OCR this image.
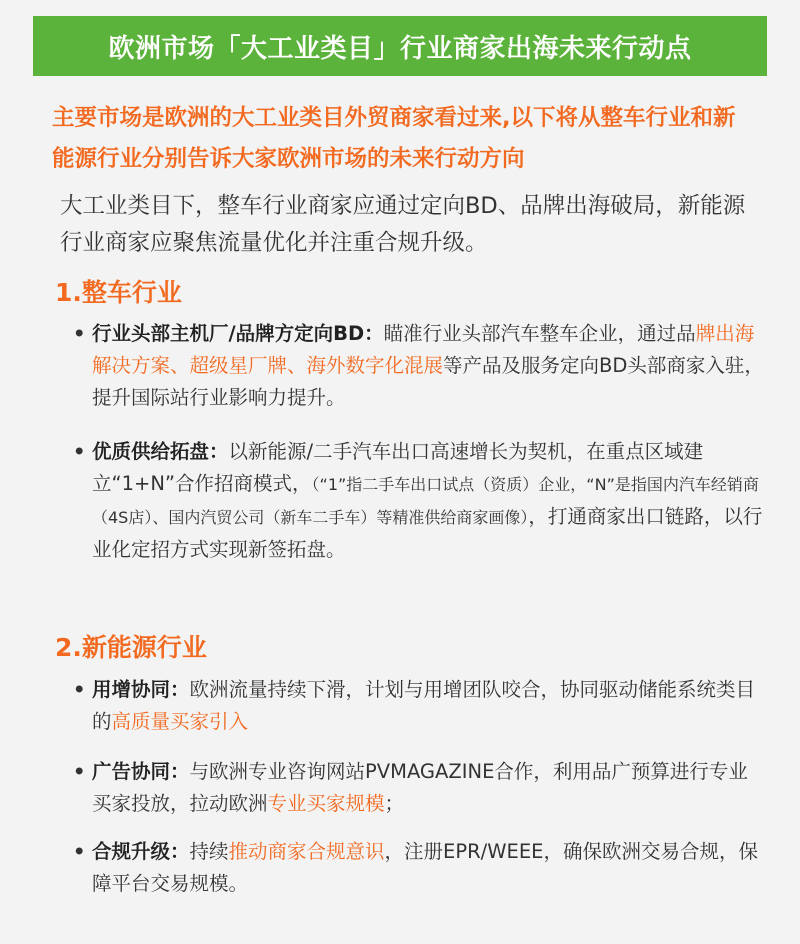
欧洲市场「大工业类目」行业商家出海未来行动点
主要市场是欧洲的大工业类目外贸商家看过来,以下将从整车行业和新能源行业分别告诉大家欧洲市场的未来行动方向
大工业类目下，整车行业商家应通过定向BD、品牌出海破局，新能源行业商家应聚焦流量优化并注重合规升级。
1.整车行业
• 行业头部主机厂/品牌方定向BD：瞄准行业头部汽车整车企业，通过品牌出海解决方案、超级星厂牌、海外数字化混展等产品及服务定向BD头部商家入驻，提升国际站行业影响力提升。
• 优质供给拓盘：以新能源/二手汽车出口高速增长为契机，在重点区域建立“1+N”合作招商模式，（“1”指二手车出口试点（资质）企业，“N”是指国内汽车经销商（4S店）、国内汽贸公司（新车二手车）等精准供给商家画像），打通商家出口链路，以行业化定招方式实现新签拓盘。
2.新能源行业
• 用增协同：欧洲流量持续下滑，计划与用增团队咬合，协同驱动储能系统类目的高质量买家引入
• 广告协同：与欧洲专业咨询网站PVMAGAZINE合作，利用品广预算进行专业买家投放，拉动欧洲专业买家规模；
• 合规升级：持续推动商家合规意识，注册EPR/WEEE，确保欧洲交易合规，保障平台交易规模。
